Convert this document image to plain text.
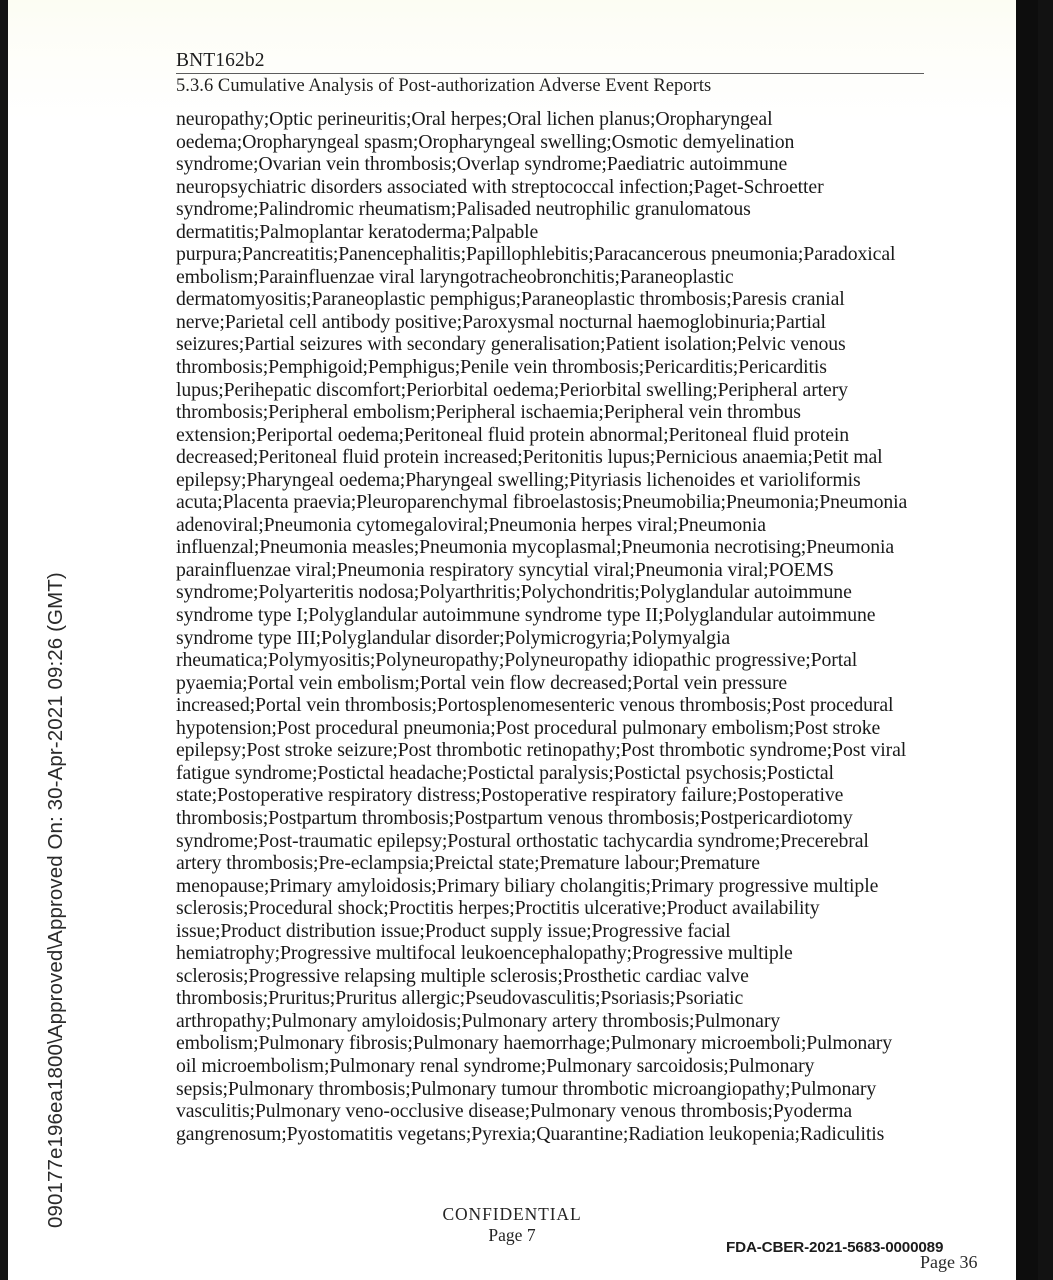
090177e196ea1800\Approved\Approved On: 30-Apr-2021 09:26 (GMT)
BNT162b2
5.3.6 Cumulative Analysis of Post-authorization Adverse Event Reports
neuropathy;Optic perineuritis;Oral herpes;Oral lichen planus;Oropharyngeal
oedema;Oropharyngeal spasm;Oropharyngeal swelling;Osmotic demyelination
syndrome;Ovarian vein thrombosis;Overlap syndrome;Paediatric autoimmune
neuropsychiatric disorders associated with streptococcal infection;Paget-Schroetter
syndrome;Palindromic rheumatism;Palisaded neutrophilic granulomatous
dermatitis;Palmoplantar keratoderma;Palpable
purpura;Pancreatitis;Panencephalitis;Papillophlebitis;Paracancerous pneumonia;Paradoxical
embolism;Parainfluenzae viral laryngotracheobronchitis;Paraneoplastic
dermatomyositis;Paraneoplastic pemphigus;Paraneoplastic thrombosis;Paresis cranial
nerve;Parietal cell antibody positive;Paroxysmal nocturnal haemoglobinuria;Partial
seizures;Partial seizures with secondary generalisation;Patient isolation;Pelvic venous
thrombosis;Pemphigoid;Pemphigus;Penile vein thrombosis;Pericarditis;Pericarditis
lupus;Perihepatic discomfort;Periorbital oedema;Periorbital swelling;Peripheral artery
thrombosis;Peripheral embolism;Peripheral ischaemia;Peripheral vein thrombus
extension;Periportal oedema;Peritoneal fluid protein abnormal;Peritoneal fluid protein
decreased;Peritoneal fluid protein increased;Peritonitis lupus;Pernicious anaemia;Petit mal
epilepsy;Pharyngeal oedema;Pharyngeal swelling;Pityriasis lichenoides et varioliformis
acuta;Placenta praevia;Pleuroparenchymal fibroelastosis;Pneumobilia;Pneumonia;Pneumonia
adenoviral;Pneumonia cytomegaloviral;Pneumonia herpes viral;Pneumonia
influenzal;Pneumonia measles;Pneumonia mycoplasmal;Pneumonia necrotising;Pneumonia
parainfluenzae viral;Pneumonia respiratory syncytial viral;Pneumonia viral;POEMS
syndrome;Polyarteritis nodosa;Polyarthritis;Polychondritis;Polyglandular autoimmune
syndrome type I;Polyglandular autoimmune syndrome type II;Polyglandular autoimmune
syndrome type III;Polyglandular disorder;Polymicrogyria;Polymyalgia
rheumatica;Polymyositis;Polyneuropathy;Polyneuropathy idiopathic progressive;Portal
pyaemia;Portal vein embolism;Portal vein flow decreased;Portal vein pressure
increased;Portal vein thrombosis;Portosplenomesenteric venous thrombosis;Post procedural
hypotension;Post procedural pneumonia;Post procedural pulmonary embolism;Post stroke
epilepsy;Post stroke seizure;Post thrombotic retinopathy;Post thrombotic syndrome;Post viral
fatigue syndrome;Postictal headache;Postictal paralysis;Postictal psychosis;Postictal
state;Postoperative respiratory distress;Postoperative respiratory failure;Postoperative
thrombosis;Postpartum thrombosis;Postpartum venous thrombosis;Postpericardiotomy
syndrome;Post-traumatic epilepsy;Postural orthostatic tachycardia syndrome;Precerebral
artery thrombosis;Pre-eclampsia;Preictal state;Premature labour;Premature
menopause;Primary amyloidosis;Primary biliary cholangitis;Primary progressive multiple
sclerosis;Procedural shock;Proctitis herpes;Proctitis ulcerative;Product availability
issue;Product distribution issue;Product supply issue;Progressive facial
hemiatrophy;Progressive multifocal leukoencephalopathy;Progressive multiple
sclerosis;Progressive relapsing multiple sclerosis;Prosthetic cardiac valve
thrombosis;Pruritus;Pruritus allergic;Pseudovasculitis;Psoriasis;Psoriatic
arthropathy;Pulmonary amyloidosis;Pulmonary artery thrombosis;Pulmonary
embolism;Pulmonary fibrosis;Pulmonary haemorrhage;Pulmonary microemboli;Pulmonary
oil microembolism;Pulmonary renal syndrome;Pulmonary sarcoidosis;Pulmonary
sepsis;Pulmonary thrombosis;Pulmonary tumour thrombotic microangiopathy;Pulmonary
vasculitis;Pulmonary veno-occlusive disease;Pulmonary venous thrombosis;Pyoderma
gangrenosum;Pyostomatitis vegetans;Pyrexia;Quarantine;Radiation leukopenia;Radiculitis
CONFIDENTIAL
Page 7
FDA-CBER-2021-5683-0000089
Page 36
